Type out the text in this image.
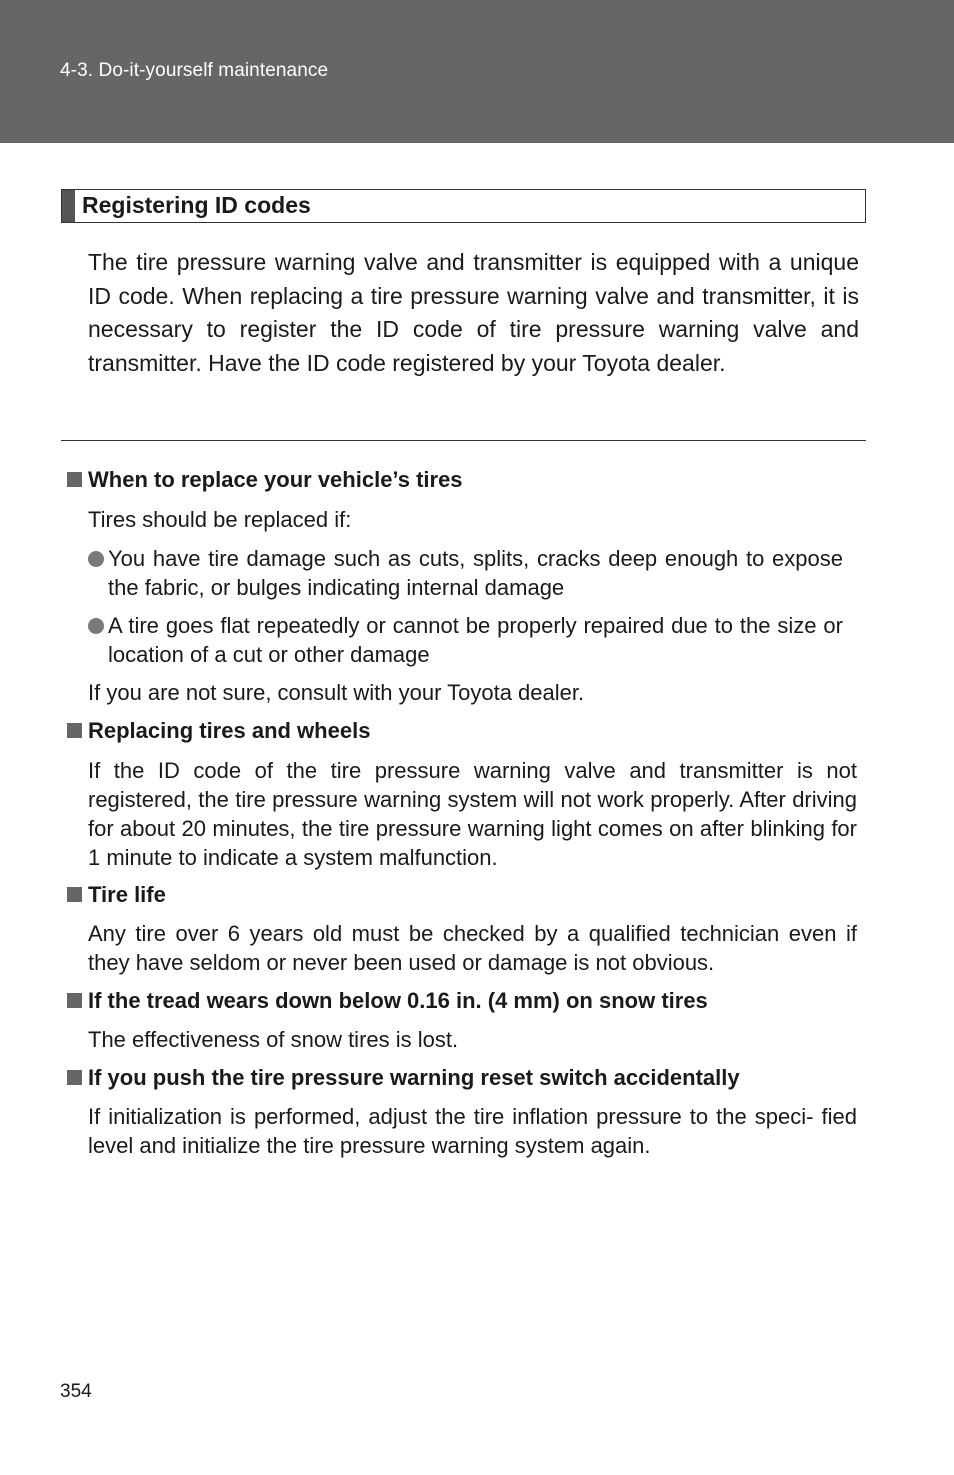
4-3. Do-it-yourself maintenance
Registering ID codes

The tire pressure warning valve and transmitter is equipped with a unique ID code. When replacing a tire pressure warning valve and transmitter, it is necessary to register the ID code of tire pressure warning valve and transmitter. Have the ID code registered by your Toyota dealer.

When to replace your vehicle’s tires

Tires should be replaced if:

You have tire damage such as cuts, splits, cracks deep enough to expose the fabric, or bulges indicating internal damage
A tire goes flat repeatedly or cannot be properly repaired due to the size or location of a cut or other damage

If you are not sure, consult with your Toyota dealer.

Replacing tires and wheels

If the ID code of the tire pressure warning valve and transmitter is not registered, the tire pressure warning system will not work properly. After driving for about 20 minutes, the tire pressure warning light comes on after blinking for 1 minute to indicate a system malfunction.

Tire life

Any tire over 6 years old must be checked by a qualified technician even if they have seldom or never been used or damage is not obvious.

If the tread wears down below 0.16 in. (4 mm) on snow tires

The effectiveness of snow tires is lost.

If you push the tire pressure warning reset switch accidentally

If initialization is performed, adjust the tire inflation pressure to the speci- fied level and initialize the tire pressure warning system again.

354
